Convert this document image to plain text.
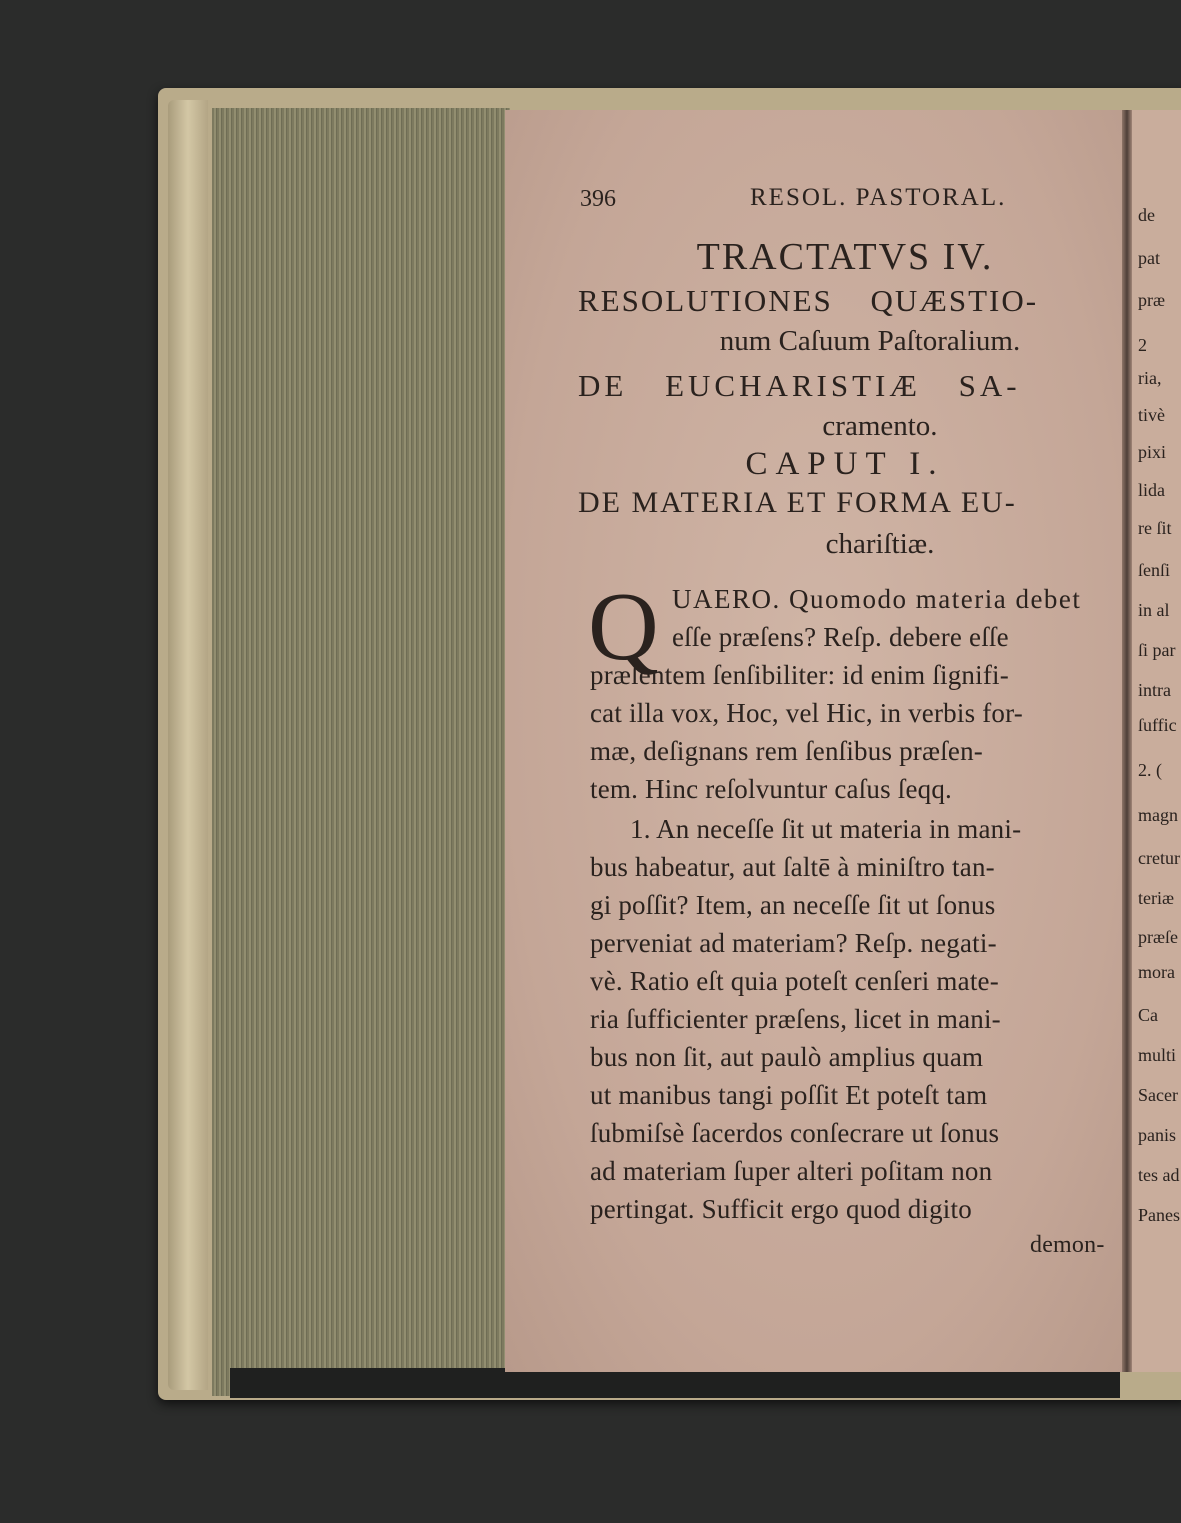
de
pat
præ
2
ria,
tivè
pixi
lida
re ſit
ſenſi
in al
ſi par
intra
ſuffic
2. (
magn
cretur
teriæ
præſe
mora
Ca
multi
Sacer
panis
tes ad
Panes
396	RESOL. PASTORAL.
TRACTATVS IV.
RESOLUTIONES QUÆSTIO-
num Caſuum Paſtoralium.
DE EUCHARISTIÆ SA-
cramento.
CAPUT I.
DE MATERIA ET FORMA EU-
chariſtiæ.
Q UAERO. Quomodo materia debet
eſſe præſens? Reſp. debere eſſe
præſentem ſenſibiliter: id enim ſignifi-
cat illa vox, Hoc, vel Hic, in verbis for-
mæ, deſignans rem ſenſibus præſen-
tem. Hinc reſolvuntur caſus ſeqq.
1. An neceſſe ſit ut materia in mani-
bus habeatur, aut ſaltē à miniſtro tan-
gi poſſit? Item, an neceſſe ſit ut ſonus
perveniat ad materiam? Reſp. negati-
vè. Ratio eſt quia poteſt cenſeri mate-
ria ſufficienter præſens, licet in mani-
bus non ſit, aut paulò amplius quam
ut manibus tangi poſſit Et poteſt tam
ſubmiſsè ſacerdos conſecrare ut ſonus
ad materiam ſuper alteri poſitam non
pertingat. Sufficit ergo quod digito
demon-
